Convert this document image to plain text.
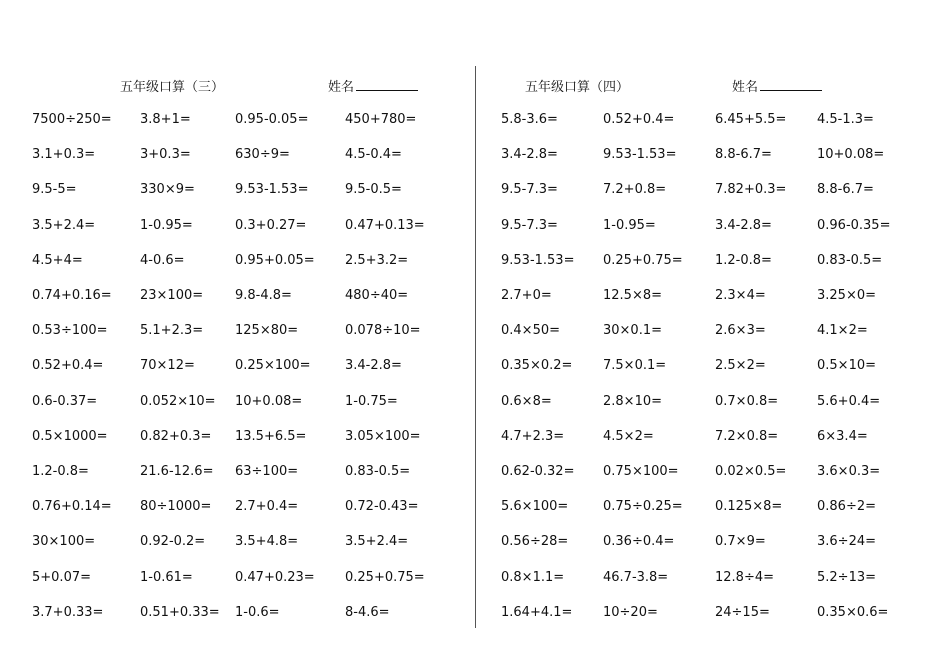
五年级口算（三）	姓名
7500÷250= 3.8+1=	0.95-0.05=	450+780=
3.1+0.3=	3+0.3=	630÷9=	4.5-0.4=
9.5-5=	330×9=	9.53-1.53=	9.5-0.5=
3.5+2.4=	1-0.95=	0.3+0.27=	0.47+0.13=
4.5+4=	4-0.6=	0.95+0.05= 2.5+3.2=
0.74+0.16= 23×100= 9.8-4.8=	480÷40=
0.53÷100= 5.1+2.3= 125×80=	0.078÷10=
0.52+0.4=	70×12=	0.25×100=	3.4-2.8=
0.6-0.37=	0.052×10= 10+0.08=	1-0.75=
0.5×1000= 0.82+0.3= 13.5+6.5=	3.05×100=
1.2-0.8=	21.6-12.6= 63÷100=	0.83-0.5=
0.76+0.14= 80÷1000= 2.7+0.4=	0.72-0.43=
30×100=	0.92-0.2= 3.5+4.8=	3.5+2.4=
5+0.07=	1-0.61=	0.47+0.23= 0.25+0.75=
3.7+0.33=	0.51+0.33= 1-0.6=	8-4.6=
五年级口算（四）	姓名
5.8-3.6=	0.52+0.4=	6.45+5.5= 4.5-1.3=
3.4-2.8=	9.53-1.53=	8.8-6.7=	10+0.08=
9.5-7.3=	7.2+0.8=	7.82+0.3= 8.8-6.7=
9.5-7.3=	1-0.95=	3.4-2.8=	0.96-0.35=
9.53-1.53= 0.25+0.75= 1.2-0.8=	0.83-0.5=
2.7+0=	12.5×8=	2.3×4=	3.25×0=
0.4×50=	30×0.1=	2.6×3=	4.1×2=
0.35×0.2= 7.5×0.1=	2.5×2=	0.5×10=
0.6×8=	2.8×10=	0.7×0.8=	5.6+0.4=
4.7+2.3=	4.5×2=	7.2×0.8=	6×3.4=
0.62-0.32= 0.75×100=	0.02×0.5= 3.6×0.3=
5.6×100=	0.75÷0.25= 0.125×8=	0.86÷2=
0.56÷28=	0.36÷0.4=	0.7×9=	3.6÷24=
0.8×1.1=	46.7-3.8=	12.8÷4=	5.2÷13=
1.64+4.1= 10÷20=	24÷15=	0.35×0.6=
